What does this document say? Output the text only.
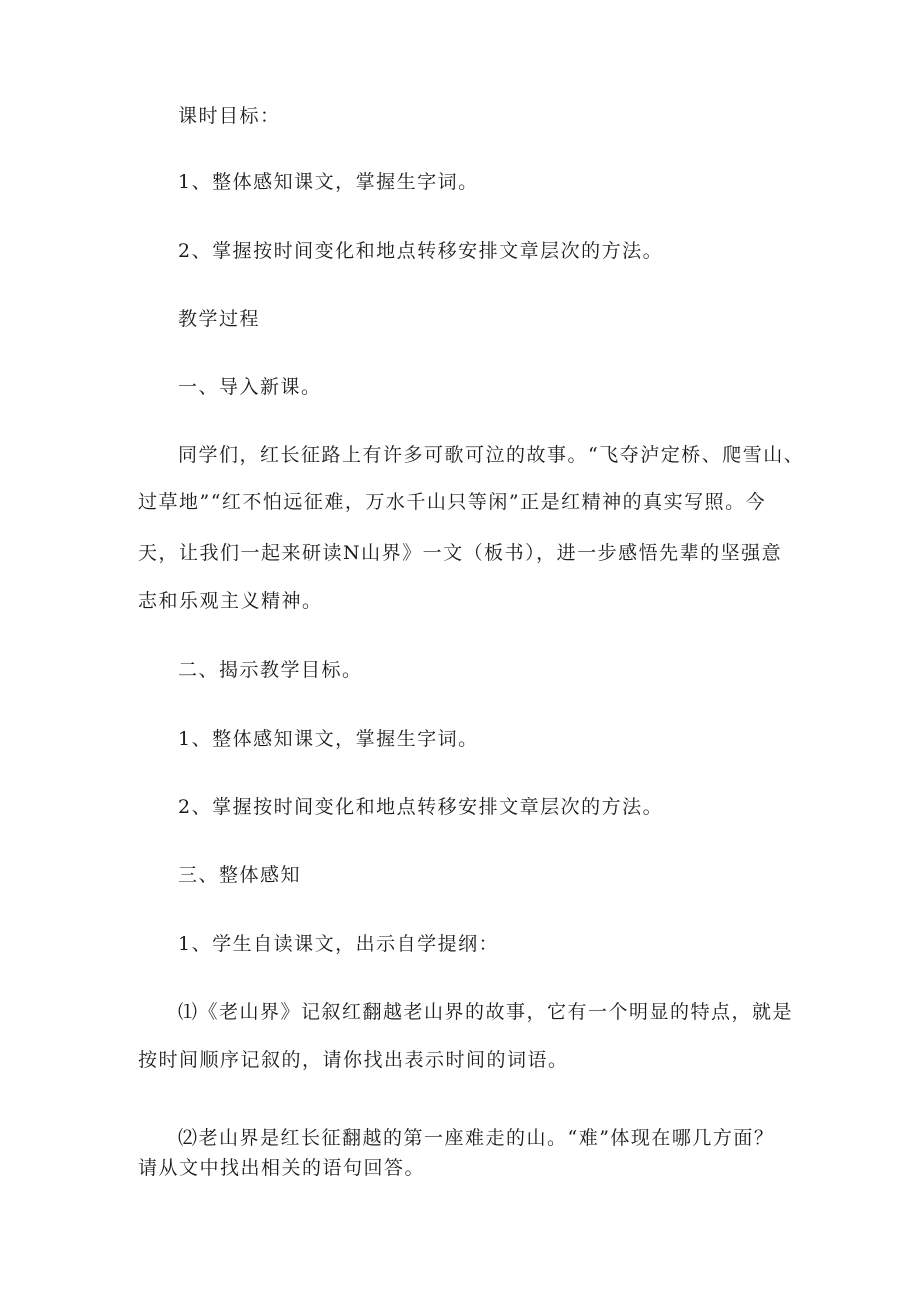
课时目标：

1、整体感知课文，掌握生字词。

2、掌握按时间变化和地点转移安排文章层次的方法。

教学过程

一、导入新课。

同学们，红长征路上有许多可歌可泣的故事。“飞夺泸定桥、爬雪山、

过草地”“红不怕远征难，万水千山只等闲”正是红精神的真实写照。今

天，让我们一起来研读N山界》一文（板书），进一步感悟先辈的坚强意

志和乐观主义精神。

二、揭示教学目标。

1、整体感知课文，掌握生字词。

2、掌握按时间变化和地点转移安排文章层次的方法。

三、整体感知

1、学生自读课文，出示自学提纲：

⑴《老山界》记叙红翻越老山界的故事，它有一个明显的特点，就是

按时间顺序记叙的，请你找出表示时间的词语。

⑵老山界是红长征翻越的第一座难走的山。“难”体现在哪几方面？

请从文中找出相关的语句回答。
